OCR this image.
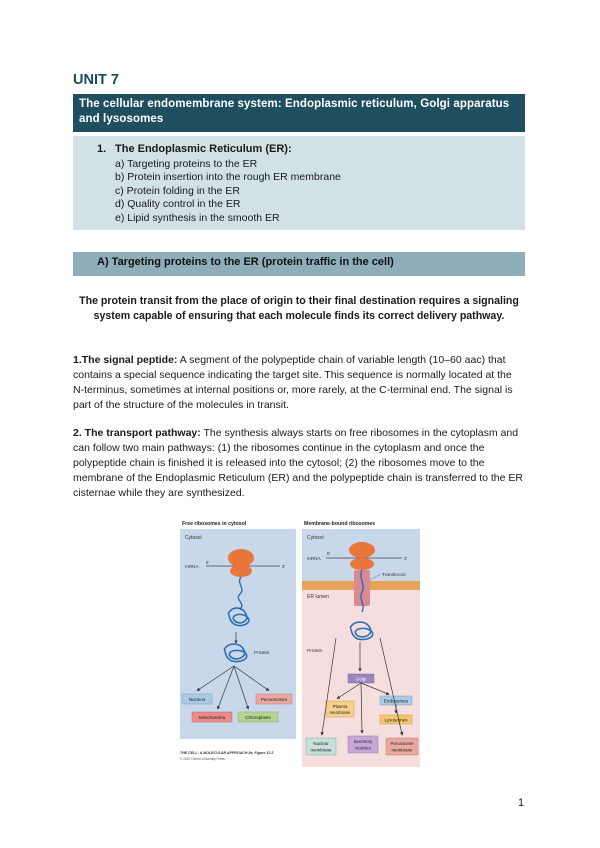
UNIT 7
The cellular endomembrane system: Endoplasmic reticulum, Golgi apparatus and lysosomes
1. The Endoplasmic Reticulum (ER):
a) Targeting proteins to the ER
b) Protein insertion into the rough ER membrane
c) Protein folding in the ER
d) Quality control in the ER
e) Lipid synthesis in the smooth ER
A) Targeting proteins to the ER (protein traffic in the cell)

The protein transit from the place of origin to their final destination requires a signaling system capable of ensuring that each molecule finds its correct delivery pathway.

1.The signal peptide: A segment of the polypeptide chain of variable length (10–60 aac) that contains a special sequence indicating the target site. This sequence is normally located at the N-terminus, sometimes at internal positions or, more rarely, at the C-terminal end. The signal is part of the structure of the molecules in transit.

2. The transport pathway: The synthesis always starts on free ribosomes in the cytoplasm and can follow two main pathways: (1) the ribosomes continue in the cytoplasm and once the polypeptide chain is finished it is released into the cytosol; (2) the ribosomes move to the membrane of the Endoplasmic Reticulum (ER) and the polypeptide chain is transferred to the ER cisternae while they are synthesized.

Free ribosomes in cytosol	Membrane-bound ribosomes
Cytosol
mRNA
5'
3'
Protein
Nucleus	Peroxisomes
Mitochondria	Chloroplasts
Cytosol
ER lumen
mRNA
5'
3'
Translocon
Protein
Golgi
Plasma
membrane
Endosomes
Lysosomes
Nuclear
membrane
Secretory
vesicles
Peroxisome
membrane
THE CELL: A MOLECULAR APPROACH 8e, Figure 12.2
© 2019 Oxford University Press
1
